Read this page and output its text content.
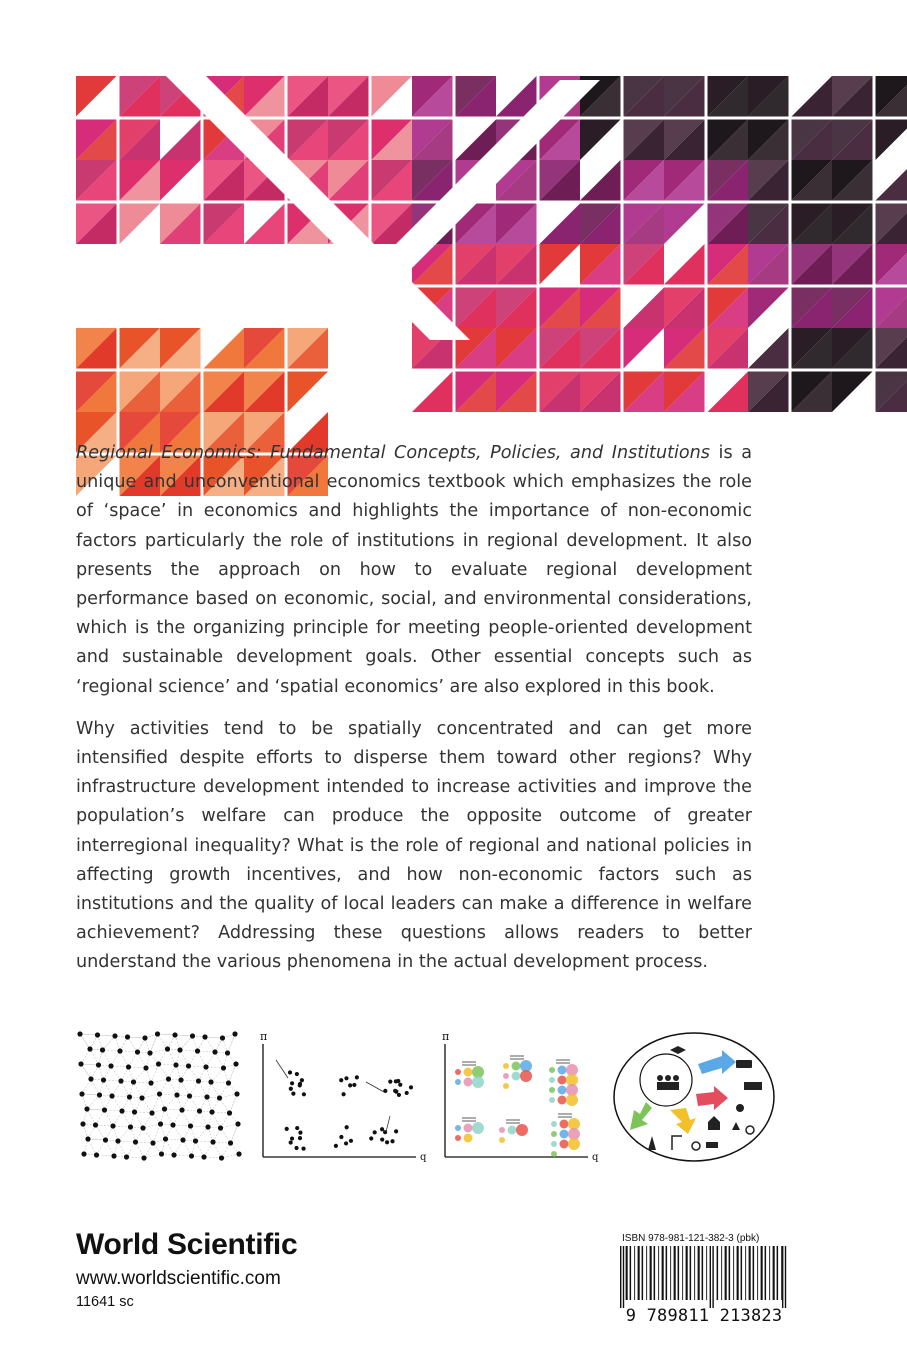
Regional Economics: Fundamental Concepts, Policies, and Institutions is a unique and unconventional economics textbook which emphasizes the role of ‘space’ in economics and highlights the importance of non-economic factors particularly the role of institutions in regional development. It also presents the approach on how to evaluate regional development performance based on economic, social, and environmental considerations, which is the organizing principle for meeting people-oriented development and sustainable development goals. Other essential concepts such as ‘regional science’ and ‘spatial economics’ are also explored in this book.

Why activities tend to be spatially concentrated and can get more intensified despite efforts to disperse them toward other regions? Why infrastructure development intended to increase activities and improve the population’s welfare can produce the opposite outcome of greater interregional inequality? What is the role of regional and national policies in affecting growth incentives, and how non-economic factors such as institutions and the quality of local leaders can make a difference in welfare achievement? Addressing these questions allows readers to better understand the various phenomena in the actual development process.

π
q
π
q
World Scientific
www.worldscientific.com
11641 sc
ISBN 978-981-121-382-3 (pbk)
9 789811 213823
